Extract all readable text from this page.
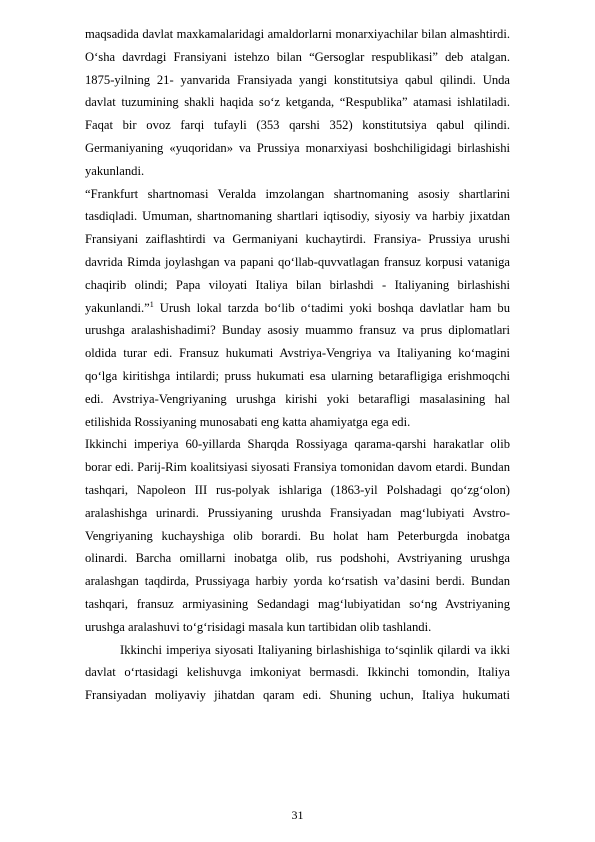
maqsadida davlat maxkamalaridagi amaldorlarni monarxiyachilar bilan almashtirdi. O‘sha davrdagi Fransiyani istehzo bilan “Gersoglar respublikasi” deb atalgan. 1875-yilning 21- yanvarida Fransiyada yangi konstitutsiya qabul qilindi. Unda davlat tuzumining shakli haqida so‘z ketganda, “Respublika” atamasi ishlatiladi. Faqat bir ovoz farqi tufayli (353 qarshi 352) konstitutsiya qabul qilindi. Germaniyaning «yuqoridan» va Prussiya monarxiyasi boshchiligidagi birlashishi yakunlandi.

“Frankfurt shartnomasi Veralda imzolangan shartnomaning asosiy shartlarini tasdiqladi. Umuman, shartnomaning shartlari iqtisodiy, siyosiy va harbiy jixatdan Fransiyani zaiflashtirdi va Germaniyani kuchaytirdi. Fransiya- Prussiya urushi davrida Rimda joylashgan va papani qo‘llab-quvvatlagan fransuz korpusi vataniga chaqirib olindi; Papa viloyati Italiya bilan birlashdi - Italiyaning birlashishi yakunlandi.”$^1$ Urush lokal tarzda bo‘lib o‘tadimi yoki boshqa davlatlar ham bu urushga aralashishadimi? Bunday asosiy muammo fransuz va prus diplomatlari oldida turar edi. Fransuz hukumati Avstriya-Vengriya va Italiyaning ko‘magini qo‘lga kiritishga intilardi; pruss hukumati esa ularning betarafligiga erishmoqchi edi. Avstriya-Vengriyaning urushga kirishi yoki betarafligi masalasining hal etilishida Rossiyaning munosabati eng katta ahamiyatga ega edi.

Ikkinchi imperiya 60-yillarda Sharqda Rossiyaga qarama-qarshi harakatlar olib borar edi. Parij-Rim koalitsiyasi siyosati Fransiya tomonidan davom etardi. Bundan tashqari, Napoleon III rus-polyak ishlariga (1863-yil Polshadagi qo‘zg‘olon) aralashishga urinardi. Prussiyaning urushda Fransiyadan mag‘lubiyati Avstro-Vengriyaning kuchayshiga olib borardi. Bu holat ham Peterburgda inobatga olinardi. Barcha omillarni inobatga olib, rus podshohi, Avstriyaning urushga aralashgan taqdirda, Prussiyaga harbiy yorda ko‘rsatish va’dasini berdi. Bundan tashqari, fransuz armiyasining Sedandagi mag‘lubiyatidan so‘ng Avstriyaning urushga aralashuvi to‘g‘risidagi masala kun tartibidan olib tashlandi.

Ikkinchi imperiya siyosati Italiyaning birlashishiga to‘sqinlik qilardi va ikki davlat o‘rtasidagi kelishuvga imkoniyat bermasdi. Ikkinchi tomondin, Italiya Fransiyadan moliyaviy jihatdan qaram edi. Shuning uchun, Italiya hukumati

31
